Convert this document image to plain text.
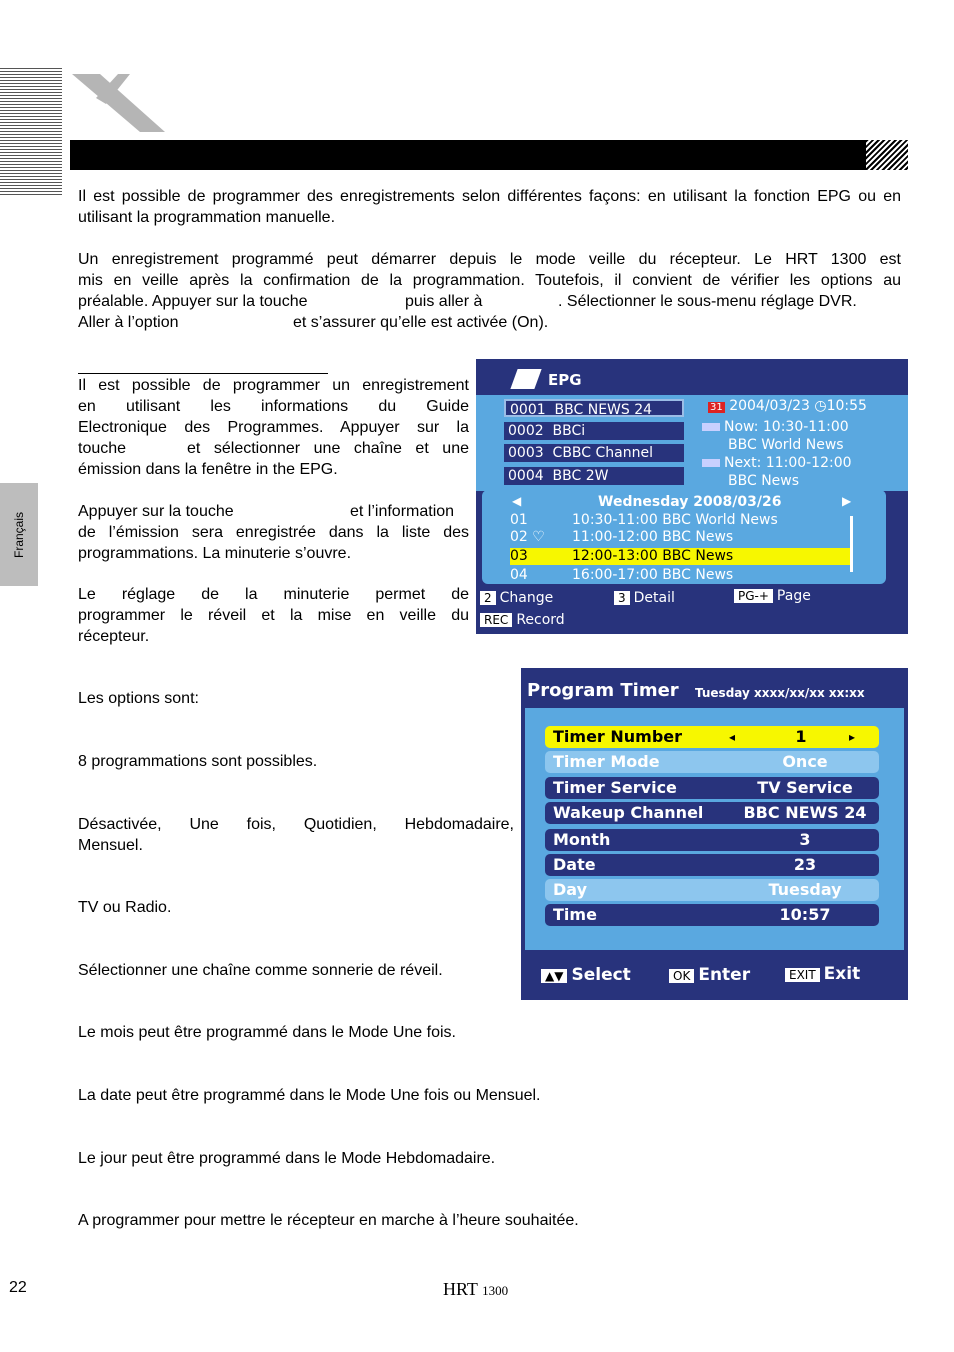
Français
Il est possible de programmer des enregistrements selon différentes façons: en utilisant la fonction EPG ou en utilisant la programmation manuelle.
Un enregistrement programmé peut démarrer depuis le mode veille du récepteur. Le HRT 1300 est
mis en veille après la confirmation de la programmation. Toutefois, il convient de vérifier les options au
préalable. Appuyer sur la touche	puis aller à	. Sélectionner le sous-menu réglage DVR.
Aller à l’option	et s’assurer qu’elle est activée (On).
Il est possible de programmer un enregistrement
en utilisant les informations du Guide
Electronique des Programmes. Appuyer sur la
touche	et sélectionner une chaîne et une
émission dans la fenêtre in the EPG.
Appuyer sur la touche	et l’information
de l’émission sera enregistrée dans la liste des
programmations. La minuterie s’ouvre.
Le réglage de la minuterie permet de
programmer le réveil et la mise en veille du
récepteur.
EPG
0001 BBC NEWS 24
0002 BBCi
0003 CBBC Channel
0004 BBC 2W
31 2004/03/23 ◷10:55
Now: 10:30-11:00
BBC World News
Next: 11:00-12:00
BBC News
◀	Wednesday 2008/03/26	▶
01	10:30-11:00 BBC World News
02 ♡ 11:00-12:00 BBC News
03	12:00-13:00 BBC News
04	16:00-17:00 BBC News
2 Change	3 Detail	PG-+ Page
REC Record
Les options sont:
8 programmations sont possibles.
Désactivée, Une fois, Quotidien, Hebdomadaire,
Mensuel.
TV ou Radio.
Sélectionner une chaîne comme sonnerie de réveil.
Le mois peut être programmé dans le Mode Une fois.
La date peut être programmé dans le Mode Une fois ou Mensuel.
Le jour peut être programmé dans le Mode Hebdomadaire.
A programmer pour mettre le récepteur en marche à l’heure souhaitée.
Program Timer Tuesday xxxx/xx/xx xx:xx
Timer Number	◂	1	▸
Timer Mode	Once
Timer Service	TV Service
Wakeup Channel	BBC NEWS 24
Month	3
Date	23
Day	Tuesday
Time	10:57
▲▼ Select	OK Enter	EXIT Exit
22	HRT 1300
